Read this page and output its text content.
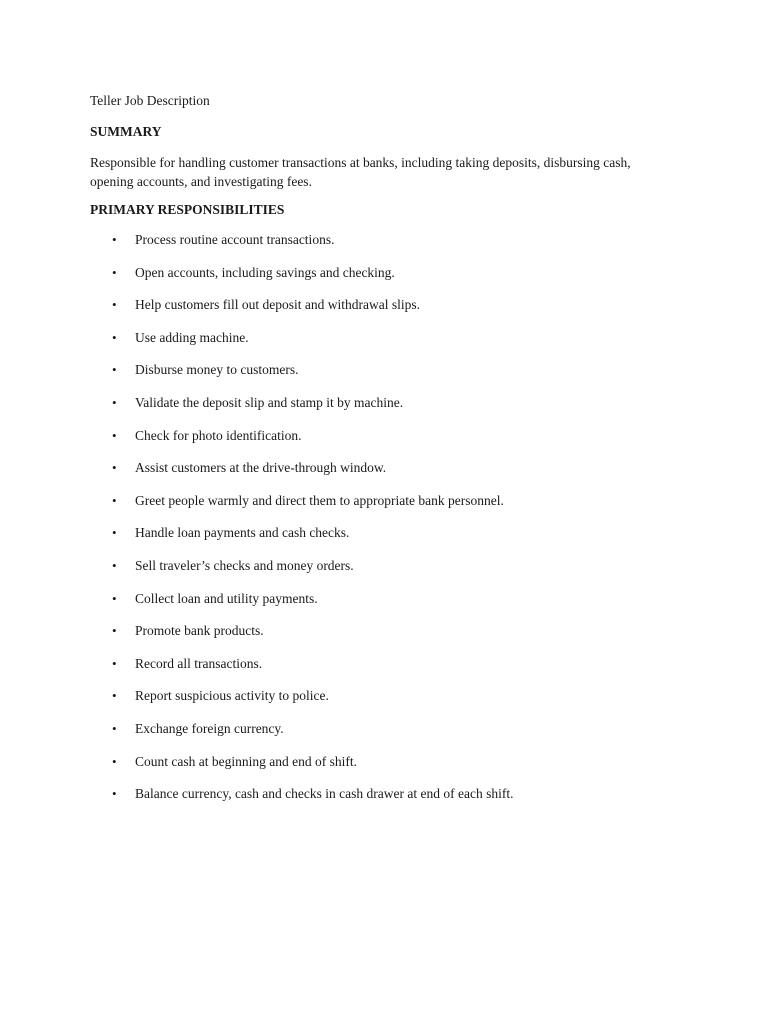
Teller Job Description

SUMMARY

Responsible for handling customer transactions at banks, including taking deposits, disbursing cash, opening accounts, and investigating fees.

PRIMARY RESPONSIBILITIES
• Process routine account transactions.
• Open accounts, including savings and checking.
• Help customers fill out deposit and withdrawal slips.
• Use adding machine.
• Disburse money to customers.
• Validate the deposit slip and stamp it by machine.
• Check for photo identification.
• Assist customers at the drive-through window.
• Greet people warmly and direct them to appropriate bank personnel.
• Handle loan payments and cash checks.
• Sell traveler’s checks and money orders.
• Collect loan and utility payments.
• Promote bank products.
• Record all transactions.
• Report suspicious activity to police.
• Exchange foreign currency.
• Count cash at beginning and end of shift.
• Balance currency, cash and checks in cash drawer at end of each shift.
